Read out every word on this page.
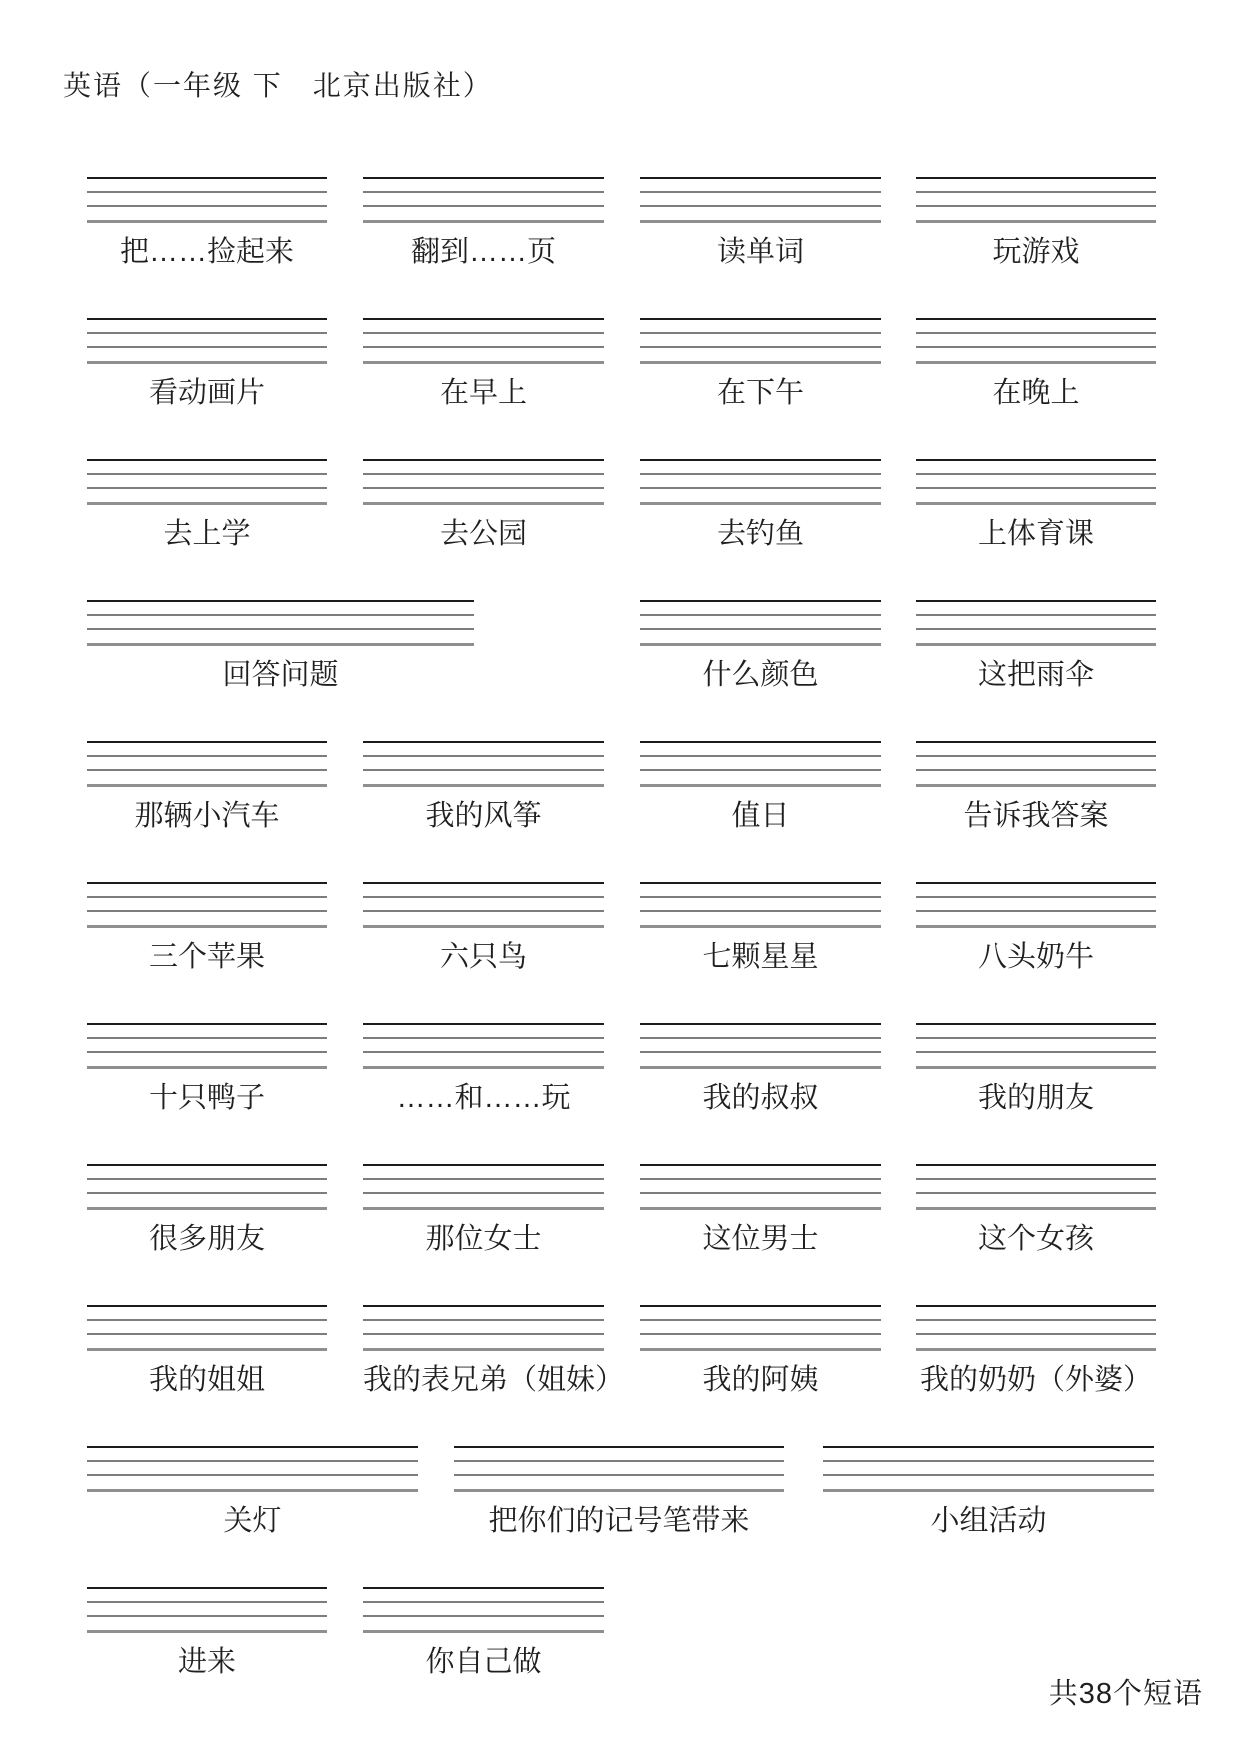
英语（一年级 下　北京出版社）
把……捡起来	翻到……页	读单词	玩游戏
看动画片	在早上	在下午	在晚上
去上学	去公园	去钓鱼	上体育课
回答问题	什么颜色	这把雨伞
那辆小汽车	我的风筝	值日	告诉我答案
三个苹果	六只鸟	七颗星星	八头奶牛
十只鸭子	……和……玩	我的叔叔	我的朋友
很多朋友	那位女士	这位男士	这个女孩
我的姐姐	我的表兄弟（姐妹）	我的阿姨	我的奶奶（外婆）
关灯	把你们的记号笔带来	小组活动
进来	你自己做
共38个短语
